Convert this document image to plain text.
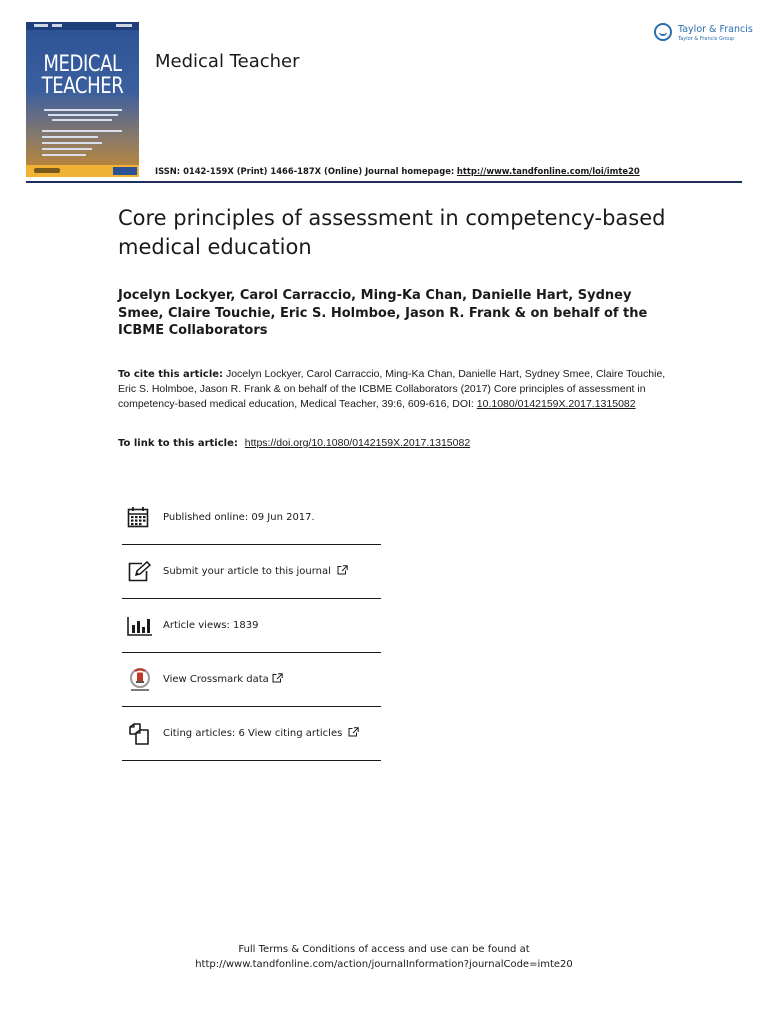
MEDICAL
TEACHER
Medical Teacher
Taylor & Francis
Taylor & Francis Group
ISSN: 0142-159X (Print) 1466-187X (Online) Journal homepage: http://www.tandfonline.com/loi/imte20
Core principles of assessment in competency-based medical education
Jocelyn Lockyer, Carol Carraccio, Ming-Ka Chan, Danielle Hart, Sydney Smee, Claire Touchie, Eric S. Holmboe, Jason R. Frank & on behalf of the ICBME Collaborators
To cite this article: Jocelyn Lockyer, Carol Carraccio, Ming-Ka Chan, Danielle Hart, Sydney Smee, Claire Touchie, Eric S. Holmboe, Jason R. Frank & on behalf of the ICBME Collaborators (2017) Core principles of assessment in competency-based medical education, Medical Teacher, 39:6, 609-616, DOI: 10.1080/0142159X.2017.1315082
To link to this article: https://doi.org/10.1080/0142159X.2017.1315082
Published online: 09 Jun 2017.
Submit your article to this journal
Article views: 1839
View Crossmark data
Citing articles: 6 View citing articles
Full Terms & Conditions of access and use can be found at
http://www.tandfonline.com/action/journalInformation?journalCode=imte20
